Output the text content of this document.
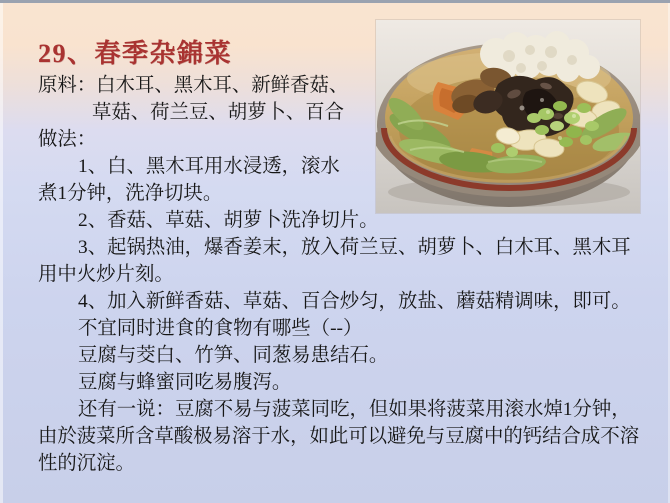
29、春季杂錦菜
原料：白木耳、黑木耳、新鲜香菇、
草菇、荷兰豆、胡萝卜、百合
做法：
1、白、黑木耳用水浸透，滚水
煮1分钟，洗净切块。
2、香菇、草菇、胡萝卜洗净切片。
3、起锅热油，爆香姜末，放入荷兰豆、胡萝卜、白木耳、黑木耳
用中火炒片刻。
4、加入新鲜香菇、草菇、百合炒匀，放盐、蘑菇精调味，即可。
不宜同时进食的食物有哪些（--）
豆腐与茭白、竹笋、同葱易患结石。
豆腐与蜂蜜同吃易腹泻。
还有一说：豆腐不易与菠菜同吃，但如果将菠菜用滚水焯1分钟，
由於菠菜所含草酸极易溶于水，如此可以避免与豆腐中的钙结合成不溶
性的沉淀。
